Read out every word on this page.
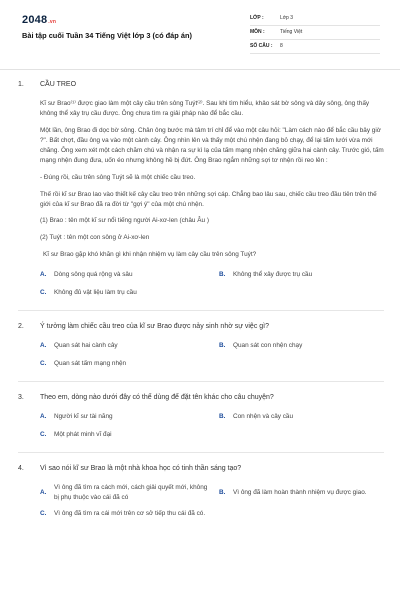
2048.vn
Bài tập cuối Tuần 34 Tiếng Việt lớp 3 (có đáp án)
LỚP :	Lớp 3
MÔN :	Tiếng Việt
SỐ CÂU :	8
1.	CẦU TREO

Kĩ sư Brao⁽¹⁾ được giao làm một cây cầu trên sông Tuýt⁽²⁾. Sau khi tìm hiểu, khảo sát bờ sông và dây sông, ông thấy không thể xây trụ cầu được. Ông chưa tìm ra giải pháp nào để bắc cầu.

Một lần, ông Brao đi dọc bờ sông. Chân ông bước mà tâm trí chỉ để vào một câu hỏi: "Làm cách nào để bắc cầu bây giờ ?". Bất chợt, đầu ông va vào một cành cây. Ông nhìn lên và thấy một chú nhện đang bỏ chạy, để lại tấm lưới vừa mới chăng. Ông xem xét một cách chăm chú và nhận ra sự kì lạ của tấm mạng nhện chăng giữa hai cành cây. Trước gió, tấm mạng nhện đung đưa, uốn éo nhưng không hề bị đứt. Ông Brao ngắm những sợi tơ nhện rồi reo lên :

- Đúng rồi, cầu trên sông Tuýt sẽ là một chiếc cầu treo.

Thế rồi kĩ sư Brao lao vào thiết kế cây cầu treo trên những sợi cáp. Chẳng bao lâu sau, chiếc cầu treo đầu tiên trên thế giới của kĩ sư Brao đã ra đời từ "gợi ý" của một chú nhện.

(1) Brao : tên một kĩ sư nổi tiếng người Ai-xơ-len (châu Âu )

(2) Tuýt : tên một con sông ở Ai-xơ-len

Kĩ sư Brao gặp khó khăn gì khi nhận nhiệm vụ làm cây cầu trên sông Tuýt?

A.	Dòng sông quá rộng và sâu	B.	Không thể xây được trụ cầu
C.	Không đủ vật liệu làm trụ cầu
2.	Ý tưởng làm chiếc cầu treo của kĩ sư Brao được nảy sinh nhờ sự việc gì?
A.	Quan sát hai cành cây	B.	Quan sát con nhện chạy
C.	Quan sát tấm mạng nhện
3.	Theo em, dòng nào dưới đây có thể dùng để đặt tên khác cho câu chuyện?
A.	Người kĩ sư tài năng	B.	Con nhện và cây cầu
C.	Một phát minh vĩ đại
4.	Vì sao nói kĩ sư Brao là một nhà khoa học có tinh thần sáng tạo?
A.
Vì ông đã tìm ra cách mới, cách giải quyết mới, không bị phụ thuộc vào cái đã có
B.	Vì ông đã làm hoàn thành nhiệm vụ được giao.
C.	Vì ông đã tìm ra cái mới trên cơ sở tiếp thu cái đã có.
